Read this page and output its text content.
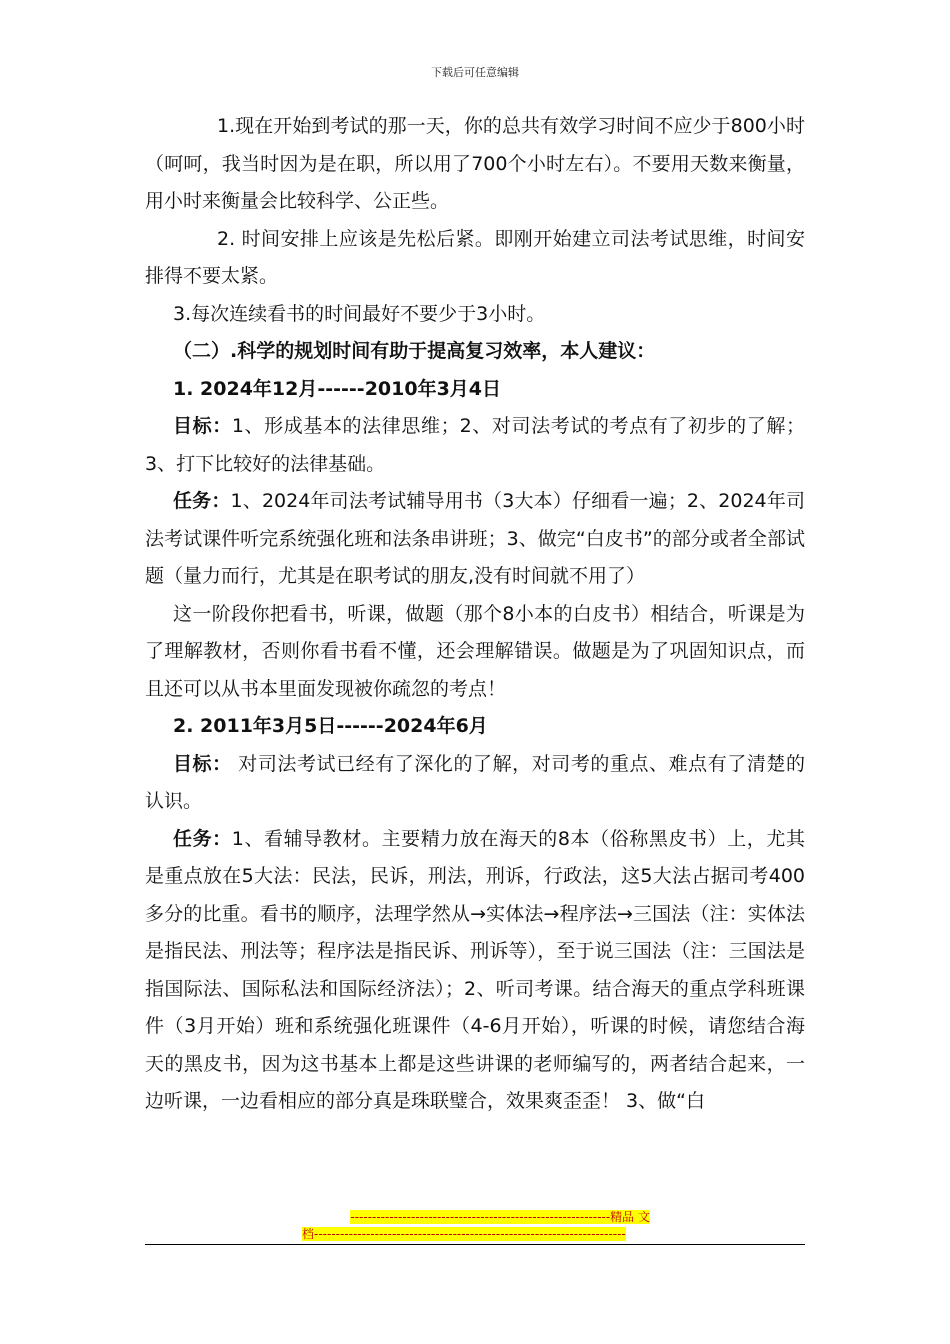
下载后可任意编辑

1.现在开始到考试的那一天，你的总共有效学习时间不应少于800小时（呵呵，我当时因为是在职，所以用了700个小时左右）。不要用天数来衡量，用小时来衡量会比较科学、公正些。

2. 时间安排上应该是先松后紧。即刚开始建立司法考试思维，时间安排得不要太紧。

3.每次连续看书的时间最好不要少于3小时。

（二）.科学的规划时间有助于提高复习效率，本人建议：

1. 2024年12月------2010年3月4日

目标：1、形成基本的法律思维；2、对司法考试的考点有了初步的了解；3、打下比较好的法律基础。

任务：1、2024年司法考试辅导用书（3大本）仔细看一遍；2、2024年司法考试课件听完系统强化班和法条串讲班；3、做完“白皮书”的部分或者全部试题（量力而行，尤其是在职考试的朋友,没有时间就不用了）

这一阶段你把看书，听课，做题（那个8小本的白皮书）相结合，听课是为了理解教材，否则你看书看不懂，还会理解错误。做题是为了巩固知识点，而且还可以从书本里面发现被你疏忽的考点！

2. 2011年3月5日------2024年6月

目标： 对司法考试已经有了深化的了解，对司考的重点、难点有了清楚的认识。

任务：1、看辅导教材。主要精力放在海天的8本（俗称黑皮书）上，尤其是重点放在5大法：民法，民诉，刑法，刑诉，行政法，这5大法占据司考400多分的比重。看书的顺序，法理学然从→实体法→程序法→三国法（注：实体法是指民法、刑法等；程序法是指民诉、刑诉等），至于说三国法（注：三国法是指国际法、国际私法和国际经济法）；2、听司考课。结合海天的重点学科班课件（3月开始）班和系统强化班课件（4-6月开始），听课的时候，请您结合海天的黑皮书，因为这书基本上都是这些讲课的老师编写的，两者结合起来，一边听课，一边看相应的部分真是珠联璧合，效果爽歪歪！ 3、做“白

------------------------------------------------------------精品 文
档------------------------------------------------------------------------
